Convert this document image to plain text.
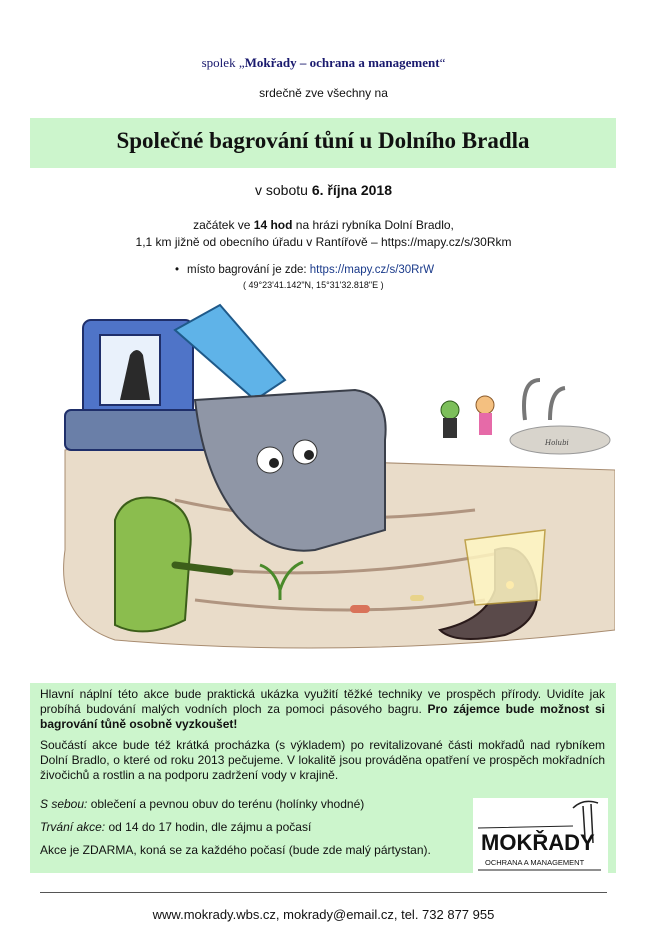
spolek „Mokřady – ochrana a management“
srdečně zve všechny na
Společné bagrování tůní u Dolního Bradla
v sobotu 6. října 2018
začátek ve 14 hod na hrázi rybníka Dolní Bradlo,
1,1 km jižně od obecního úřadu v Rantířově – https://mapy.cz/s/30Rkm
• místo bagrování je zde: https://mapy.cz/s/30RrW
( 49°23'41.142"N, 15°31'32.818"E )
Holubi
Hlavní náplní této akce bude praktická ukázka využití těžké techniky ve prospěch přírody. Uvidíte jak probíhá budování malých vodních ploch za pomoci pásového bagru. Pro zájemce bude možnost si bagrování tůně osobně vyzkoušet!
Součástí akce bude též krátká procházka (s výkladem) po revitalizované části mokřadů nad rybníkem Dolní Bradlo, o které od roku 2013 pečujeme. V lokalitě jsou prováděna opatření ve prospěch mokřadních živočichů a rostlin a na podporu zadržení vody v krajině.
S sebou: oblečení a pevnou obuv do terénu (holínky vhodné)
Trvání akce: od 14 do 17 hodin, dle zájmu a počasí
Akce je ZDARMA, koná se za každého počasí (bude zde malý pártystan).	MOKŘADY
OCHRANA A MANAGEMENT
www.mokrady.wbs.cz, mokrady@email.cz, tel. 732 877 955
